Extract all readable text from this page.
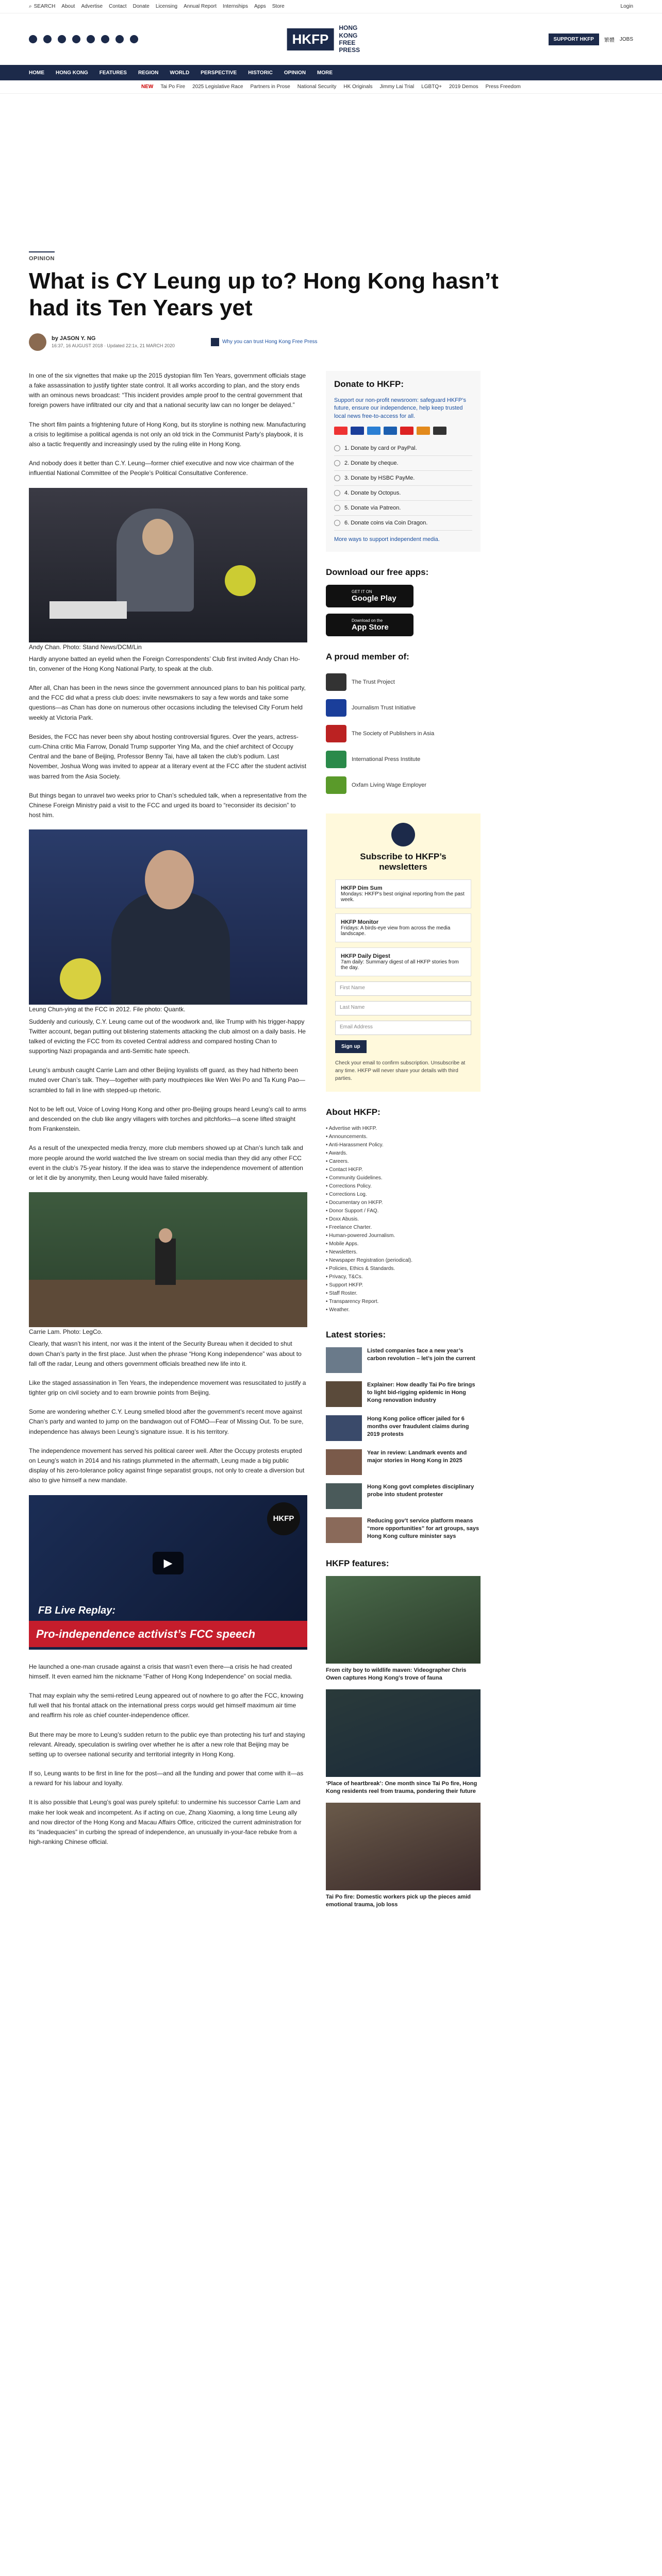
⌕ SEARCH About Advertise Contact Donate Licensing Annual Report Internships Apps Store	Login
HKFP
HONG KONG FREE PRESS
SUPPORT HKFP	繁體 JOBS
HOME HONG KONG FEATURES REGION WORLD PERSPECTIVE HISTORIC OPINION MORE
NEW Tai Po Fire 2025 Legislative Race Partners in Prose National Security HK Originals Jimmy Lai Trial LGBTQ+ 2019 Demos Press Freedom
OPINION
What is CY Leung up to? Hong Kong hasn’t had its Ten Years yet
by JASON Y. NG
16:37, 16 AUGUST 2018 · Updated 22:1x, 21 MARCH 2020
Why you can trust Hong Kong Free Press

In one of the six vignettes that make up the 2015 dystopian film Ten Years, government officials stage a fake assassination to justify tighter state control. It all works according to plan, and the story ends with an ominous news broadcast: “This incident provides ample proof to the central government that foreign powers have infiltrated our city and that a national security law can no longer be delayed.”

The short film paints a frightening future of Hong Kong, but its storyline is nothing new. Manufacturing a crisis to legitimise a political agenda is not only an old trick in the Communist Party’s playbook, it is also a tactic frequently and increasingly used by the ruling elite in Hong Kong.

And nobody does it better than C.Y. Leung—former chief executive and now vice chairman of the influential National Committee of the People’s Political Consultative Conference.

Andy Chan. Photo: Stand News/DCM/Lin

Hardly anyone batted an eyelid when the Foreign Correspondents’ Club first invited Andy Chan Ho-tin, convener of the Hong Kong National Party, to speak at the club.

After all, Chan has been in the news since the government announced plans to ban his political party, and the FCC did what a press club does: invite newsmakers to say a few words and take some questions—as Chan has done on numerous other occasions including the televised City Forum held weekly at Victoria Park.

Besides, the FCC has never been shy about hosting controversial figures. Over the years, actress-cum-China critic Mia Farrow, Donald Trump supporter Ying Ma, and the chief architect of Occupy Central and the bane of Beijing, Professor Benny Tai, have all taken the club’s podium. Last November, Joshua Wong was invited to appear at a literary event at the FCC after the student activist was barred from the Asia Society.

But things began to unravel two weeks prior to Chan’s scheduled talk, when a representative from the Chinese Foreign Ministry paid a visit to the FCC and urged its board to “reconsider its decision” to host him.

Leung Chun-ying at the FCC in 2012. File photo: Quantk.

Suddenly and curiously, C.Y. Leung came out of the woodwork and, like Trump with his trigger-happy Twitter account, began putting out blistering statements attacking the club almost on a daily basis. He talked of evicting the FCC from its coveted Central address and compared hosting Chan to supporting Nazi propaganda and anti-Semitic hate speech.

Leung’s ambush caught Carrie Lam and other Beijing loyalists off guard, as they had hitherto been muted over Chan’s talk. They—together with party mouthpieces like Wen Wei Po and Ta Kung Pao—scrambled to fall in line with stepped-up rhetoric.

Not to be left out, Voice of Loving Hong Kong and other pro-Beijing groups heard Leung’s call to arms and descended on the club like angry villagers with torches and pitchforks—a scene lifted straight from Frankenstein.

As a result of the unexpected media frenzy, more club members showed up at Chan’s lunch talk and more people around the world watched the live stream on social media than they did any other FCC event in the club’s 75-year history. If the idea was to starve the independence movement of attention or let it die by anonymity, then Leung would have failed miserably.

Carrie Lam. Photo: LegCo.

Clearly, that wasn’t his intent, nor was it the intent of the Security Bureau when it decided to shut down Chan’s party in the first place. Just when the phrase “Hong Kong independence” was about to fall off the radar, Leung and others government officials breathed new life into it.

Like the staged assassination in Ten Years, the independence movement was resuscitated to justify a tighter grip on civil society and to earn brownie points from Beijing.

Some are wondering whether C.Y. Leung smelled blood after the government’s recent move against Chan’s party and wanted to jump on the bandwagon out of FOMO—Fear of Missing Out. To be sure, independence has always been Leung’s signature issue. It is his territory.

The independence movement has served his political career well. After the Occupy protests erupted on Leung’s watch in 2014 and his ratings plummeted in the aftermath, Leung made a big public display of his zero-tolerance policy against fringe separatist groups, not only to create a diversion but also to give himself a new mandate.

HKFP
▶
FB Live Replay:
Pro-independence activist’s FCC speech

He launched a one-man crusade against a crisis that wasn’t even there—a crisis he had created himself. It even earned him the nickname “Father of Hong Kong Independence” on social media.

That may explain why the semi-retired Leung appeared out of nowhere to go after the FCC, knowing full well that his frontal attack on the international press corps would get himself maximum air time and reaffirm his role as chief counter-independence officer.

But there may be more to Leung’s sudden return to the public eye than protecting his turf and staying relevant. Already, speculation is swirling over whether he is after a new role that Beijing may be setting up to oversee national security and territorial integrity in Hong Kong.

If so, Leung wants to be first in line for the post—and all the funding and power that come with it—as a reward for his labour and loyalty.

It is also possible that Leung’s goal was purely spiteful: to undermine his successor Carrie Lam and make her look weak and incompetent. As if acting on cue, Zhang Xiaoming, a long time Leung ally and now director of the Hong Kong and Macau Affairs Office, criticized the current administration for its “inadequacies” in curbing the spread of independence, an unusually in-your-face rebuke from a high-ranking Chinese official.

Donate to HKFP:
Support our non-profit newsroom: safeguard HKFP’s future, ensure our independence, help keep trusted local news free-to-access for all.
1. Donate by card or PayPal.
2. Donate by cheque.
3. Donate by HSBC PayMe.
4. Donate by Octopus.
5. Donate via Patreon.
6. Donate coins via Coin Dragon.
More ways to support independent media.
Download our free apps:
GET IT ON
Google Play
Download on the
App Store
A proud member of:
The Trust Project
Journalism Trust Initiative
The Society of Publishers in Asia
International Press Institute
Oxfam Living Wage Employer
Subscribe to HKFP’s newsletters
HKFP Dim Sum
Mondays: HKFP's best original reporting from the past week.
HKFP Monitor
Fridays: A birds-eye view from across the media landscape.
HKFP Daily Digest
7am daily: Summary digest of all HKFP stories from the day.
First Name
Last Name
Email Address
Sign up
Check your email to confirm subscription. Unsubscribe at any time. HKFP will never share your details with third parties.
About HKFP:
• Advertise with HKFP.
• Announcements.
• Anti-Harassment Policy.
• Awards.
• Careers.
• Contact HKFP.
• Community Guidelines.
• Corrections Policy.
• Corrections Log.
• Documentary on HKFP.
• Donor Support / FAQ.
• Doxx Abusis.
• Freelance Charter.
• Human-powered Journalism.
• Mobile Apps.
• Newsletters.
• Newspaper Registration (periodical).
• Policies, Ethics & Standards.
• Privacy, T&Cs.
• Support HKFP.
• Staff Roster.
• Transparency Report.
• Weather.
Latest stories:
Listed companies face a new year’s carbon revolution – let’s join the current
Explainer: How deadly Tai Po fire brings to light bid-rigging epidemic in Hong Kong renovation industry
Hong Kong police officer jailed for 6 months over fraudulent claims during 2019 protests
Year in review: Landmark events and major stories in Hong Kong in 2025
Hong Kong govt completes disciplinary probe into student protester
Reducing gov’t service platform means “more opportunities” for art groups, says Hong Kong culture minister says
HKFP features:
From city boy to wildlife maven: Videographer Chris Owen captures Hong Kong’s trove of fauna
‘Place of heartbreak’: One month since Tai Po fire, Hong Kong residents reel from trauma, pondering their future
Tai Po fire: Domestic workers pick up the pieces amid emotional trauma, job loss
